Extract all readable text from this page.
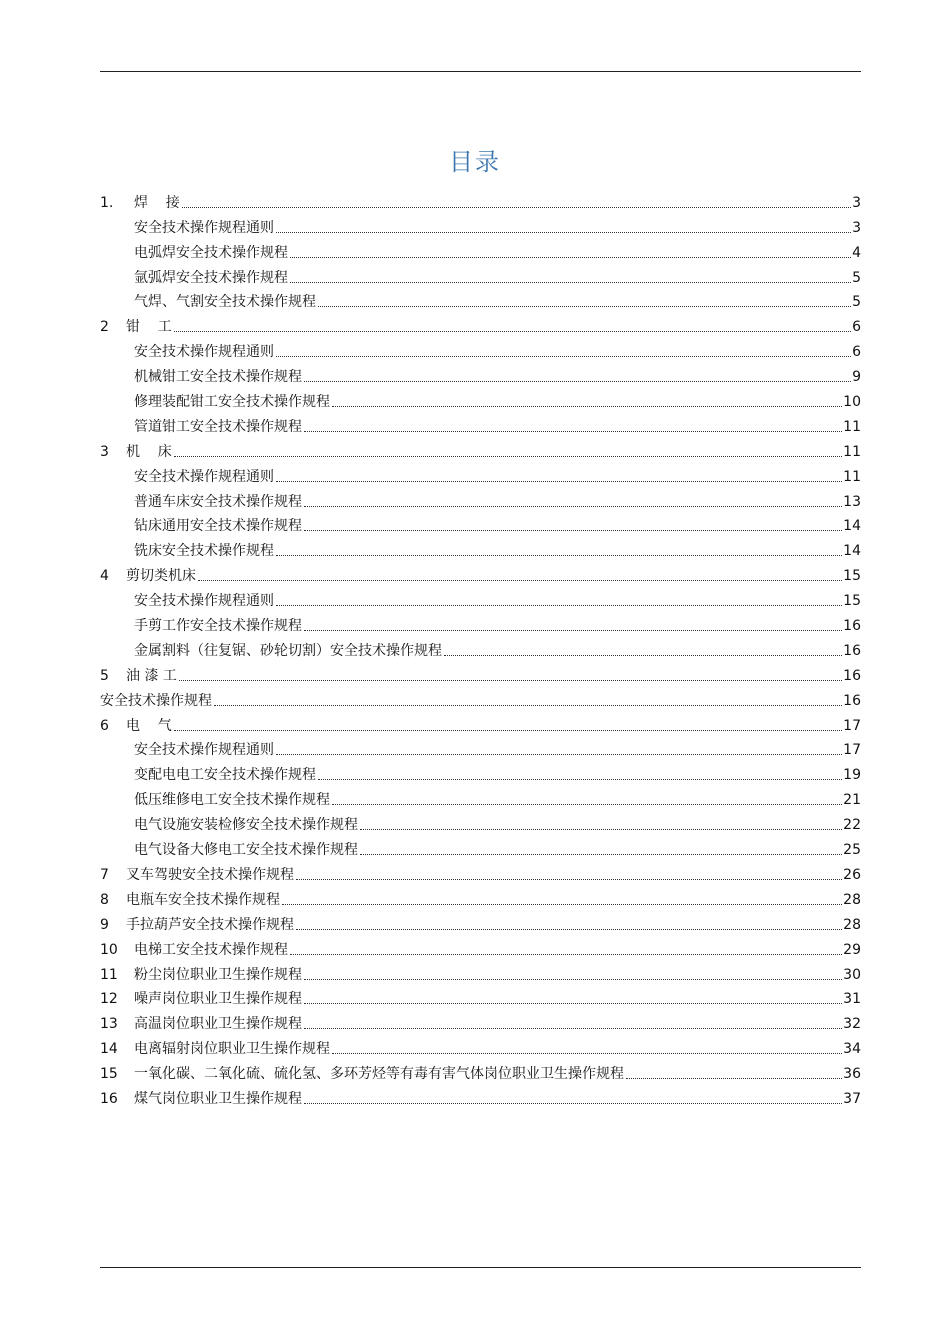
目录
1.	焊    接	3
安全技术操作规程通则	3
电弧焊安全技术操作规程	4
氩弧焊安全技术操作规程	5
气焊、气割安全技术操作规程	5
2	钳    工	6
安全技术操作规程通则	6
机械钳工安全技术操作规程	9
修理装配钳工安全技术操作规程	10
管道钳工安全技术操作规程	11
3	机    床	11
安全技术操作规程通则	11
普通车床安全技术操作规程	13
钻床通用安全技术操作规程	14
铣床安全技术操作规程	14
4	剪切类机床	15
安全技术操作规程通则	15
手剪工作安全技术操作规程	16
金属割料（往复锯、砂轮切割）安全技术操作规程	16
5	油 漆 工	16
安全技术操作规程	16
6	电    气	17
安全技术操作规程通则	17
变配电电工安全技术操作规程	19
低压维修电工安全技术操作规程	21
电气设施安装检修安全技术操作规程	22
电气设备大修电工安全技术操作规程	25
7	叉车驾驶安全技术操作规程	26
8	电瓶车安全技术操作规程	28
9	手拉葫芦安全技术操作规程	28
10	电梯工安全技术操作规程	29
11	粉尘岗位职业卫生操作规程	30
12	噪声岗位职业卫生操作规程	31
13	高温岗位职业卫生操作规程	32
14	电离辐射岗位职业卫生操作规程	34
15	一氧化碳、二氧化硫、硫化氢、多环芳烃等有毒有害气体岗位职业卫生操作规程	36
16	煤气岗位职业卫生操作规程	37
